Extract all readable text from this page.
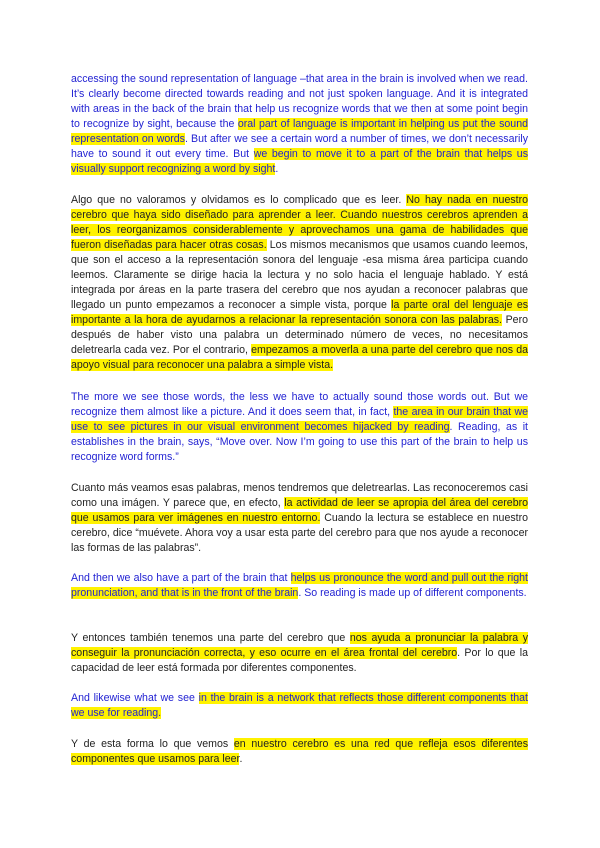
accessing the sound representation of language –that area in the brain is involved when we read. It’s clearly become directed towards reading and not just spoken language. And it is integrated with areas in the back of the brain that help us recognize words that we then at some point begin to recognize by sight, because the oral part of language is important in helping us put the sound representation on words. But after we see a certain word a number of times, we don’t necessarily have to sound it out every time. But we begin to move it to a part of the brain that helps us visually support recognizing a word by sight.

Algo que no valoramos y olvidamos es lo complicado que es leer. No hay nada en nuestro cerebro que haya sido diseñado para aprender a leer. Cuando nuestros cerebros aprenden a leer, los reorganizamos considerablemente y aprovechamos una gama de habilidades que fueron diseñadas para hacer otras cosas. Los mismos mecanismos que usamos cuando leemos, que son el acceso a la representación sonora del lenguaje -esa misma área participa cuando leemos. Claramente se dirige hacia la lectura y no solo hacia el lenguaje hablado. Y está integrada por áreas en la parte trasera del cerebro que nos ayudan a reconocer palabras que llegado un punto empezamos a reconocer a simple vista, porque la parte oral del lenguaje es importante a la hora de ayudarnos a relacionar la representación sonora con las palabras. Pero después de haber visto una palabra un determinado número de veces, no necesitamos deletrearla cada vez. Por el contrario, empezamos a moverla a una parte del cerebro que nos da apoyo visual para reconocer una palabra a simple vista.

The more we see those words, the less we have to actually sound those words out. But we recognize them almost like a picture. And it does seem that, in fact, the area in our brain that we use to see pictures in our visual environment becomes hijacked by reading. Reading, as it establishes in the brain, says, “Move over. Now I’m going to use this part of the brain to help us recognize word forms.”

Cuanto más veamos esas palabras, menos tendremos que deletrearlas. Las reconoceremos casi como una imágen. Y parece que, en efecto, la actividad de leer se apropia del área del cerebro que usamos para ver imágenes en nuestro entorno. Cuando la lectura se establece en nuestro cerebro, dice “muévete. Ahora voy a usar esta parte del cerebro para que nos ayude a reconocer las formas de las palabras”.

And then we also have a part of the brain that helps us pronounce the word and pull out the right pronunciation, and that is in the front of the brain. So reading is made up of different components.

Y entonces también tenemos una parte del cerebro que nos ayuda a pronunciar la palabra y conseguir la pronunciación correcta, y eso ocurre en el área frontal del cerebro. Por lo que la capacidad de leer está formada por diferentes componentes.

And likewise what we see in the brain is a network that reflects those different components that we use for reading.

Y de esta forma lo que vemos en nuestro cerebro es una red que refleja esos diferentes componentes que usamos para leer.
